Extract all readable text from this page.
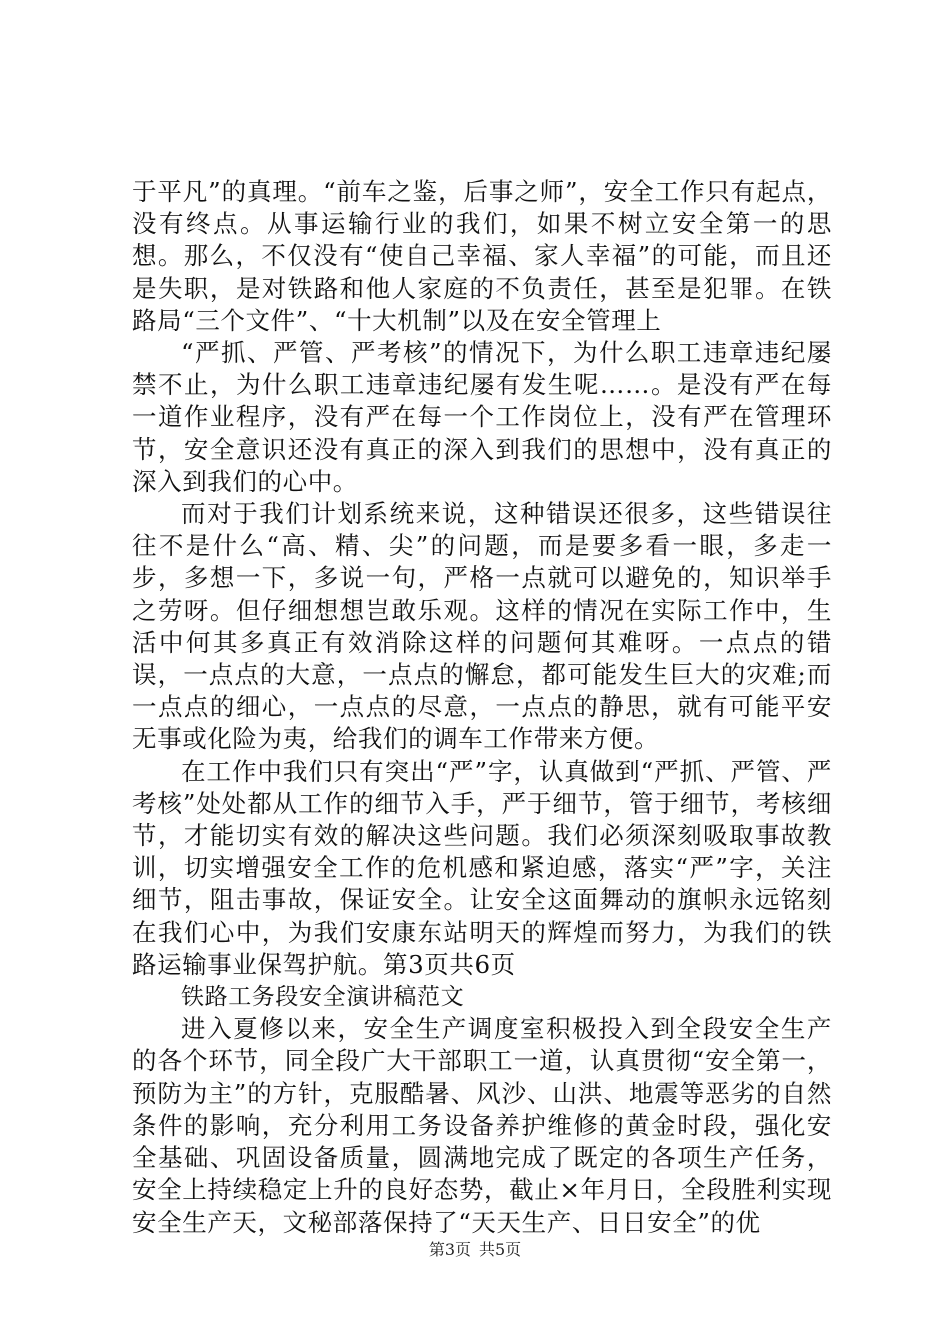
于平凡”的真理。“前车之鉴，后事之师”，安全工作只有起点，没有终点。从事运输行业的我们，如果不树立安全第一的思想。那么，不仅没有“使自己幸福、家人幸福”的可能，而且还是失职，是对铁路和他人家庭的不负责任，甚至是犯罪。在铁路局“三个文件”、“十大机制”以及在安全管理上

“严抓、严管、严考核”的情况下，为什么职工违章违纪屡禁不止，为什么职工违章违纪屡有发生呢……。是没有严在每一道作业程序，没有严在每一个工作岗位上，没有严在管理环节，安全意识还没有真正的深入到我们的思想中，没有真正的深入到我们的心中。

而对于我们计划系统来说，这种错误还很多，这些错误往往不是什么“高、精、尖”的问题，而是要多看一眼，多走一步，多想一下，多说一句，严格一点就可以避免的，知识举手之劳呀。但仔细想想岂敢乐观。这样的情况在实际工作中，生活中何其多真正有效消除这样的问题何其难呀。一点点的错误，一点点的大意，一点点的懈怠，都可能发生巨大的灾难;而一点点的细心，一点点的尽意，一点点的静思，就有可能平安无事或化险为夷，给我们的调车工作带来方便。

在工作中我们只有突出“严”字，认真做到“严抓、严管、严考核”处处都从工作的细节入手，严于细节，管于细节，考核细节，才能切实有效的解决这些问题。我们必须深刻吸取事故教训，切实增强安全工作的危机感和紧迫感，落实“严”字，关注细节，阻击事故，保证安全。让安全这面舞动的旗帜永远铭刻在我们心中，为我们安康东站明天的辉煌而努力，为我们的铁路运输事业保驾护航。第3页共6页

铁路工务段安全演讲稿范文

进入夏修以来，安全生产调度室积极投入到全段安全生产的各个环节，同全段广大干部职工一道，认真贯彻“安全第一，预防为主”的方针，克服酷暑、风沙、山洪、地震等恶劣的自然条件的影响，充分利用工务设备养护维修的黄金时段，强化安全基础、巩固设备质量，圆满地完成了既定的各项生产任务，安全上持续稳定上升的良好态势，截止×年月日，全段胜利实现安全生产天，文秘部落保持了“天天生产、日日安全”的优

第3页 共5页
